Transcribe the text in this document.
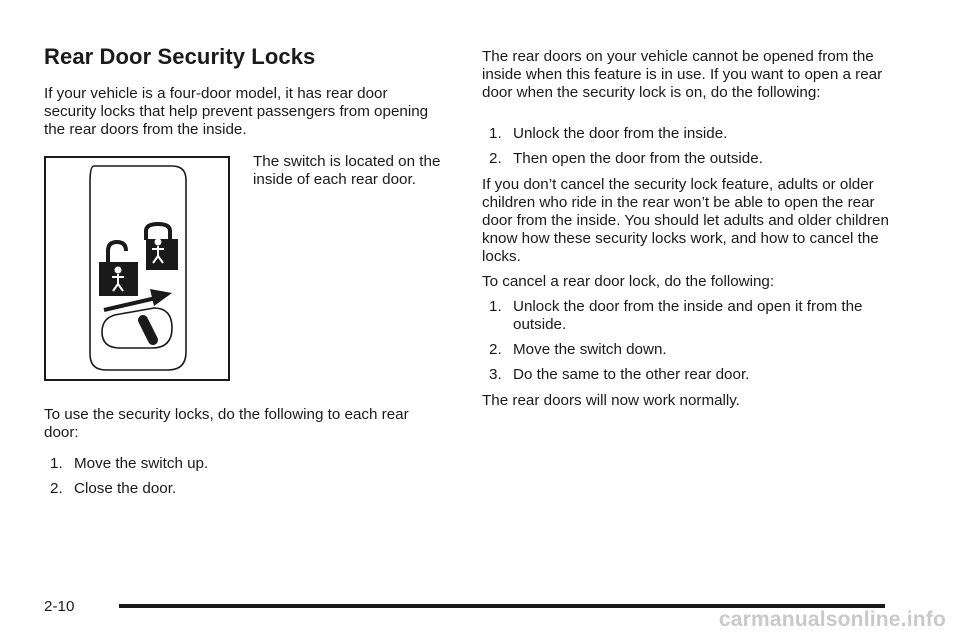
Rear Door Security Locks

If your vehicle is a four-door model, it has rear door security locks that help prevent passengers from opening the rear doors from the inside.

The switch is located on the inside of each rear door.

To use the security locks, do the following to each rear door:

1. Move the switch up.
2. Close the door.

The rear doors on your vehicle cannot be opened from the inside when this feature is in use. If you want to open a rear door when the security lock is on, do the following:

1. Unlock the door from the inside.
2. Then open the door from the outside.

If you don’t cancel the security lock feature, adults or older children who ride in the rear won’t be able to open the rear door from the inside. You should let adults and older children know how these security locks work, and how to cancel the locks.

To cancel a rear door lock, do the following:

1. Unlock the door from the inside and open it from the outside.
2. Move the switch down.
3. Do the same to the other rear door.

The rear doors will now work normally.

2-10
carmanualsonline.info
